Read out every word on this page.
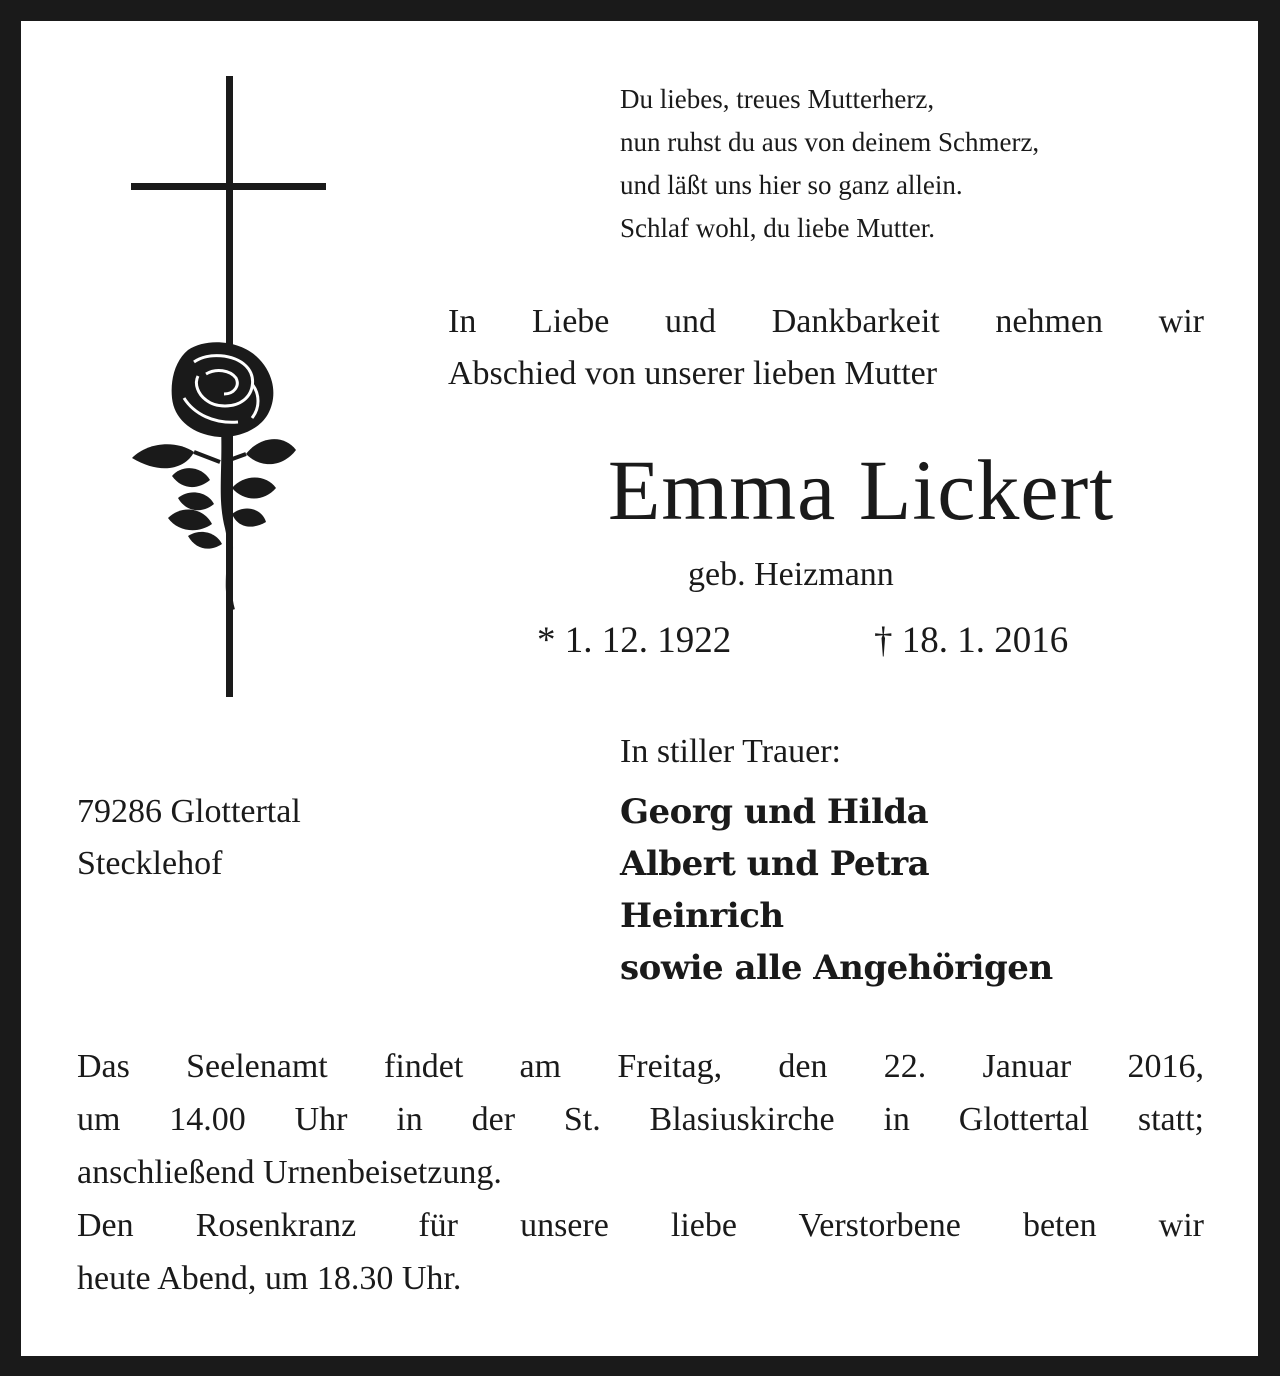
Du liebes, treues Mutterherz,
nun ruhst du aus von deinem Schmerz,
und läßt uns hier so ganz allein.
Schlaf wohl, du liebe Mutter.
In Liebe und Dankbarkeit nehmen wir
Abschied von unserer lieben Mutter
Emma Lickert
geb. Heizmann
* 1. 12. 1922	† 18. 1. 2016
In stiller Trauer:
79286 Glottertal
Stecklehof
Georg und Hilda
Albert und Petra
Heinrich
sowie alle Angehörigen
Das Seelenamt findet am Freitag, den 22. Januar 2016,
um 14.00 Uhr in der St. Blasiuskirche in Glottertal statt;
anschließend Urnenbeisetzung.
Den Rosenkranz für unsere liebe Verstorbene beten wir
heute Abend, um 18.30 Uhr.
